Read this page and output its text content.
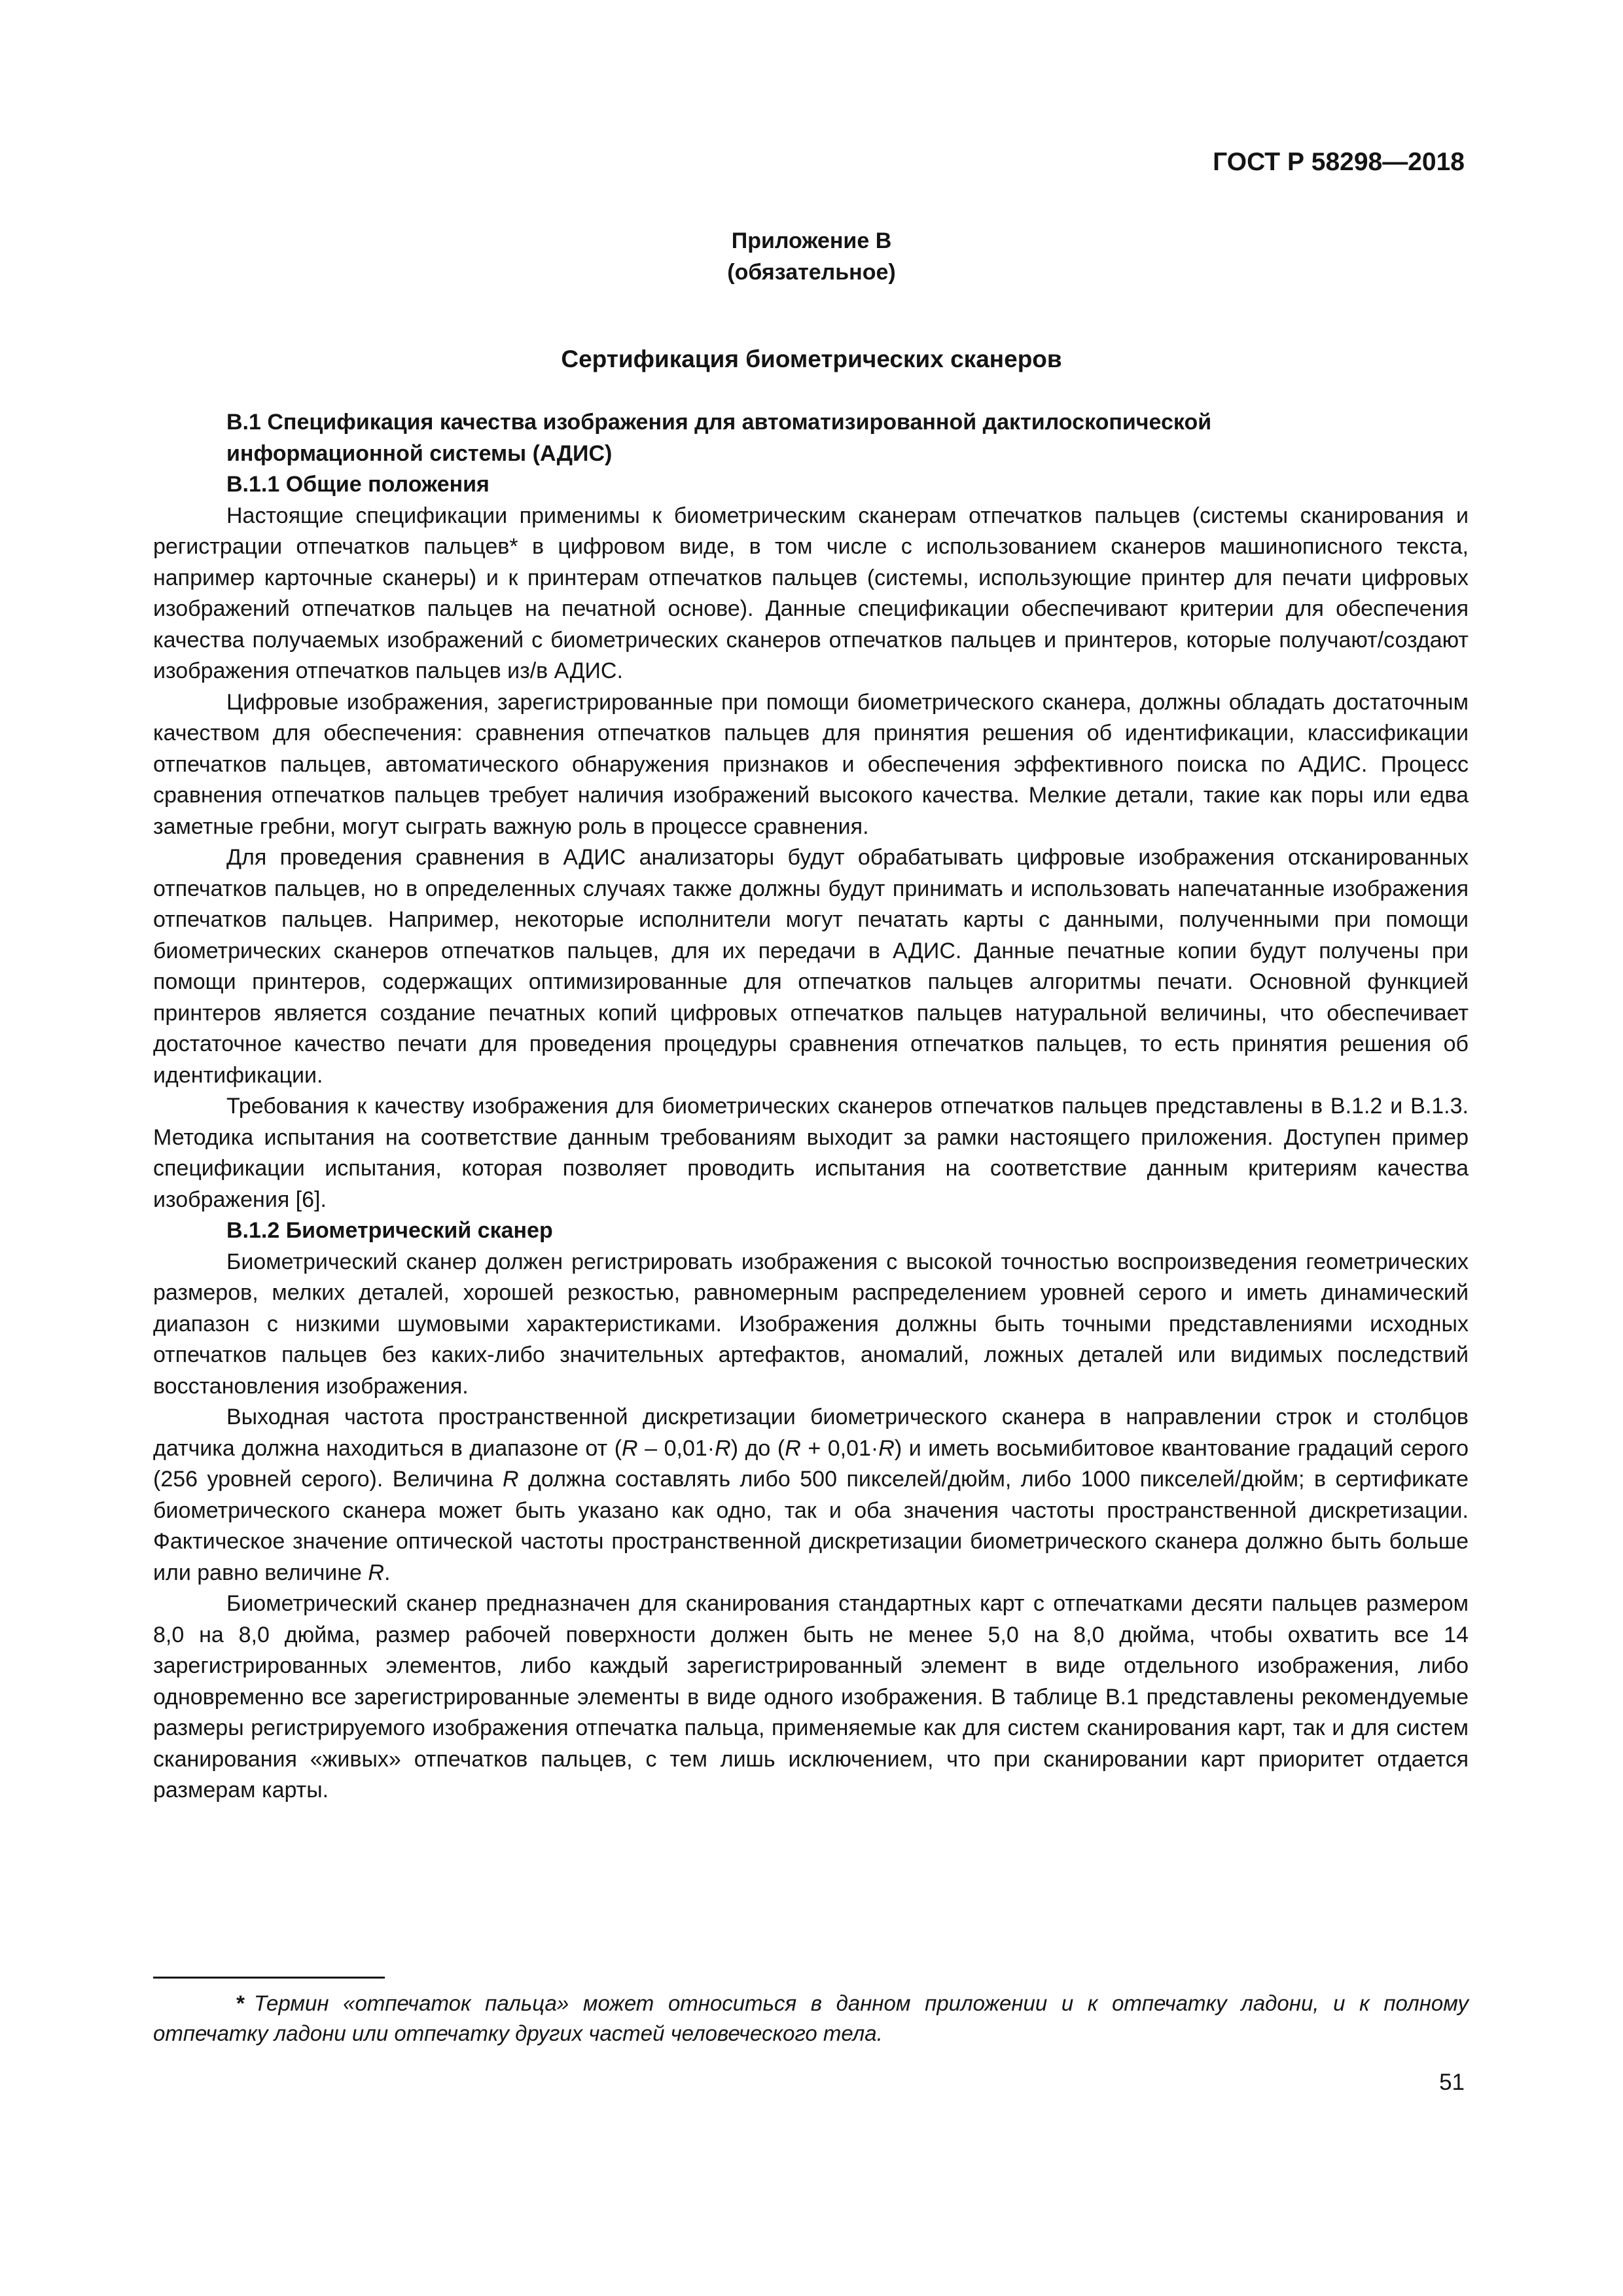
ГОСТ Р 58298—2018
Приложение В
(обязательное)
Сертификация биометрических сканеров
В.1 Спецификация качества изображения для автоматизированной дактилоскопической
информационной системы (АДИС)
В.1.1 Общие положения

Настоящие спецификации применимы к биометрическим сканерам отпечатков пальцев (системы сканирования и регистрации отпечатков пальцев* в цифровом виде, в том числе с использованием сканеров машинописного текста, например карточные сканеры) и к принтерам отпечатков пальцев (системы, использующие принтер для печати цифровых изображений отпечатков пальцев на печатной основе). Данные спецификации обеспечивают критерии для обеспечения качества получаемых изображений с биометрических сканеров отпечатков пальцев и принтеров, которые получают/создают изображения отпечатков пальцев из/в АДИС.

Цифровые изображения, зарегистрированные при помощи биометрического сканера, должны обладать достаточным качеством для обеспечения: сравнения отпечатков пальцев для принятия решения об идентификации, классификации отпечатков пальцев, автоматического обнаружения признаков и обеспечения эффективного поиска по АДИС. Процесс сравнения отпечатков пальцев требует наличия изображений высокого качества. Мелкие детали, такие как поры или едва заметные гребни, могут сыграть важную роль в процессе сравнения.

Для проведения сравнения в АДИС анализаторы будут обрабатывать цифровые изображения отсканированных отпечатков пальцев, но в определенных случаях также должны будут принимать и использовать напечатанные изображения отпечатков пальцев. Например, некоторые исполнители могут печатать карты с данными, полученными при помощи биометрических сканеров отпечатков пальцев, для их передачи в АДИС. Данные печатные копии будут получены при помощи принтеров, содержащих оптимизированные для отпечатков пальцев алгоритмы печати. Основной функцией принтеров является создание печатных копий цифровых отпечатков пальцев натуральной величины, что обеспечивает достаточное качество печати для проведения процедуры сравнения отпечатков пальцев, то есть принятия решения об идентификации.

Требования к качеству изображения для биометрических сканеров отпечатков пальцев представлены в В.1.2 и В.1.3. Методика испытания на соответствие данным требованиям выходит за рамки настоящего приложения. Доступен пример спецификации испытания, которая позволяет проводить испытания на соответствие данным критериям качества изображения [6].

В.1.2 Биометрический сканер

Биометрический сканер должен регистрировать изображения с высокой точностью воспроизведения геометрических размеров, мелких деталей, хорошей резкостью, равномерным распределением уровней серого и иметь динамический диапазон с низкими шумовыми характеристиками. Изображения должны быть точными представлениями исходных отпечатков пальцев без каких-либо значительных артефактов, аномалий, ложных деталей или видимых последствий восстановления изображения.

Выходная частота пространственной дискретизации биометрического сканера в направлении строк и столбцов датчика должна находиться в диапазоне от (R – 0,01·R) до (R + 0,01·R) и иметь восьмибитовое квантование градаций серого (256 уровней серого). Величина R должна составлять либо 500 пикселей/дюйм, либо 1000 пикселей/дюйм; в сертификате биометрического сканера может быть указано как одно, так и оба значения частоты пространственной дискретизации. Фактическое значение оптической частоты пространственной дискретизации биометрического сканера должно быть больше или равно величине R.

Биометрический сканер предназначен для сканирования стандартных карт с отпечатками десяти пальцев размером 8,0 на 8,0 дюйма, размер рабочей поверхности должен быть не менее 5,0 на 8,0 дюйма, чтобы охватить все 14 зарегистрированных элементов, либо каждый зарегистрированный элемент в виде отдельного изображения, либо одновременно все зарегистрированные элементы в виде одного изображения. В таблице В.1 представлены рекомендуемые размеры регистрируемого изображения отпечатка пальца, применяемые как для систем сканирования карт, так и для систем сканирования «живых» отпечатков пальцев, с тем лишь исключением, что при сканировании карт приоритет отдается размерам карты.

* Термин «отпечаток пальца» может относиться в данном приложении и к отпечатку ладони, и к полному отпечатку ладони или отпечатку других частей человеческого тела.
51
